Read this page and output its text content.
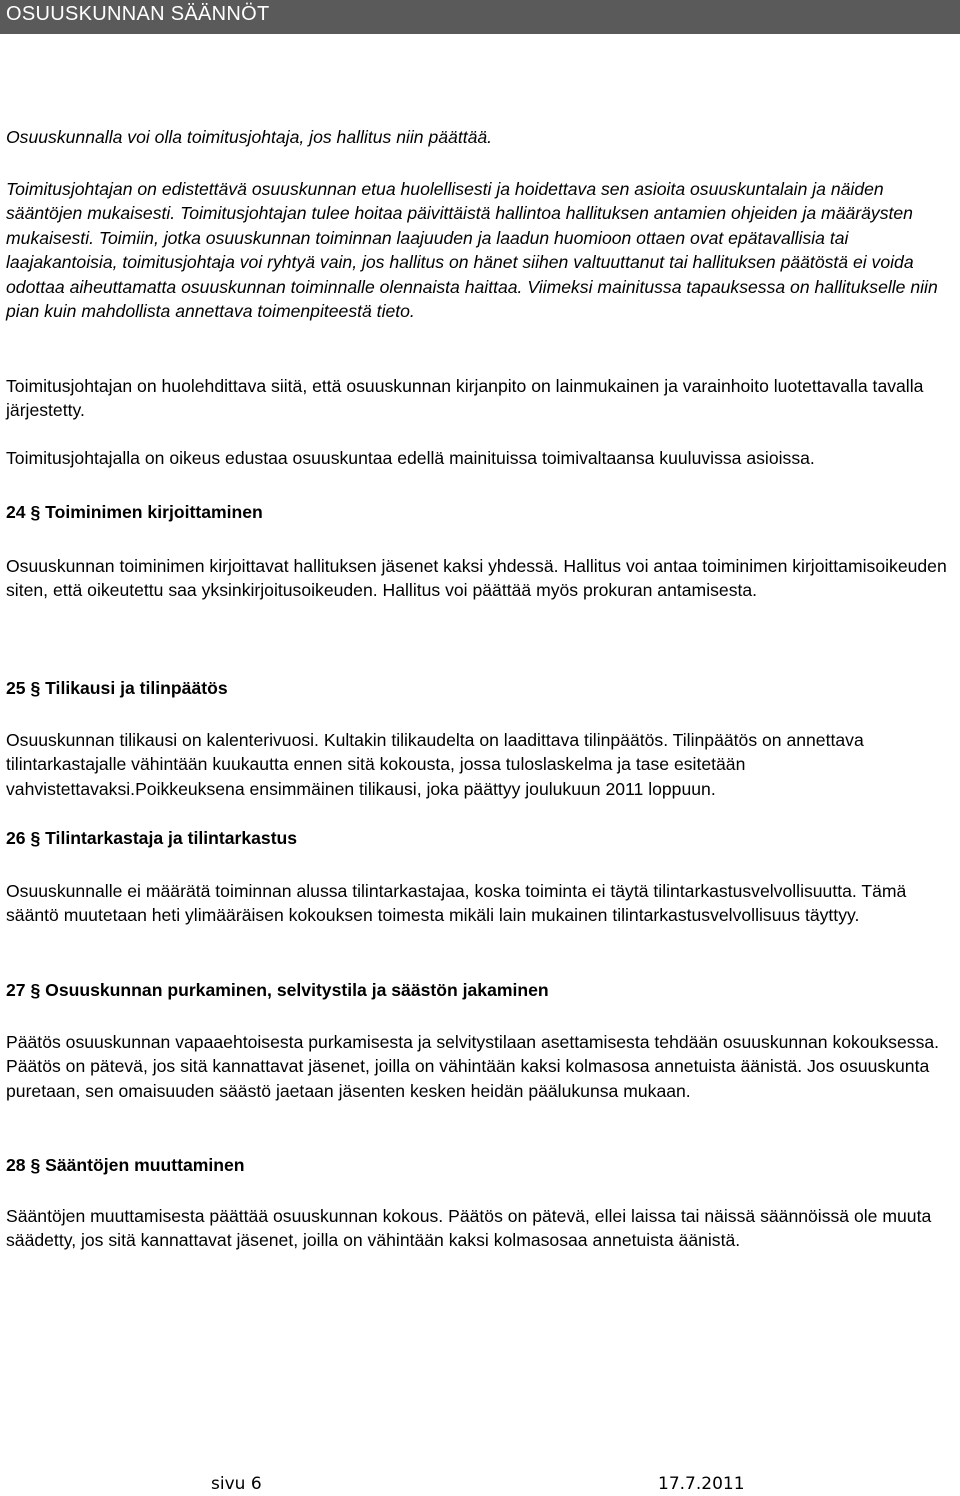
OSUUSKUNNAN SÄÄNNÖT

Osuuskunnalla voi olla toimitusjohtaja, jos hallitus niin päättää.

Toimitusjohtajan on edistettävä osuuskunnan etua huolellisesti ja hoidettava sen asioita osuuskuntalain ja näiden sääntöjen mukaisesti. Toimitusjohtajan tulee hoitaa päivittäistä hallintoa hallituksen antamien ohjeiden ja määräysten mukaisesti. Toimiin, jotka osuuskunnan toiminnan laajuuden ja laadun huomioon ottaen ovat epätavallisia tai laajakantoisia, toimitusjohtaja voi ryhtyä vain, jos hallitus on hänet siihen valtuuttanut tai hallituksen päätöstä ei voida odottaa aiheuttamatta osuuskunnan toiminnalle olennaista haittaa. Viimeksi mainitussa tapauksessa on hallitukselle niin pian kuin mahdollista annettava toimenpiteestä tieto.

Toimitusjohtajan on huolehdittava siitä, että osuuskunnan kirjanpito on lainmukainen ja varainhoito luotettavalla tavalla järjestetty.

Toimitusjohtajalla on oikeus edustaa osuuskuntaa edellä mainituissa toimivaltaansa kuuluvissa asioissa.

24 § Toiminimen kirjoittaminen

Osuuskunnan toiminimen kirjoittavat hallituksen jäsenet kaksi yhdessä. Hallitus voi antaa toiminimen kirjoittamisoikeuden siten, että oikeutettu saa yksinkirjoitusoikeuden. Hallitus voi päättää myös prokuran antamisesta.

25 § Tilikausi ja tilinpäätös

Osuuskunnan tilikausi on kalenterivuosi. Kultakin tilikaudelta on laadittava tilinpäätös. Tilinpäätös on annettava tilintarkastajalle vähintään kuukautta ennen sitä kokousta, jossa tuloslaskelma ja tase esitetään vahvistettavaksi.Poikkeuksena ensimmäinen tilikausi, joka päättyy joulukuun 2011 loppuun.

26 § Tilintarkastaja ja tilintarkastus

Osuuskunnalle ei määrätä toiminnan alussa tilintarkastajaa, koska toiminta ei täytä tilintarkastusvelvollisuutta. Tämä sääntö muutetaan heti ylimääräisen kokouksen toimesta mikäli lain mukainen tilintarkastusvelvollisuus täyttyy.

27 § Osuuskunnan purkaminen, selvitystila ja säästön jakaminen

Päätös osuuskunnan vapaaehtoisesta purkamisesta ja selvitystilaan asettamisesta tehdään osuuskunnan kokouksessa. Päätös on pätevä, jos sitä kannattavat jäsenet, joilla on vähintään kaksi kolmasosa annetuista äänistä. Jos osuuskunta puretaan, sen omaisuuden säästö jaetaan jäsenten kesken heidän päälukunsa mukaan.

28 § Sääntöjen muuttaminen

Sääntöjen muuttamisesta päättää osuuskunnan kokous. Päätös on pätevä, ellei laissa tai näissä säännöissä ole muuta säädetty, jos sitä kannattavat jäsenet, joilla on vähintään kaksi kolmasosaa annetuista äänistä.

sivu 6	17.7.2011
